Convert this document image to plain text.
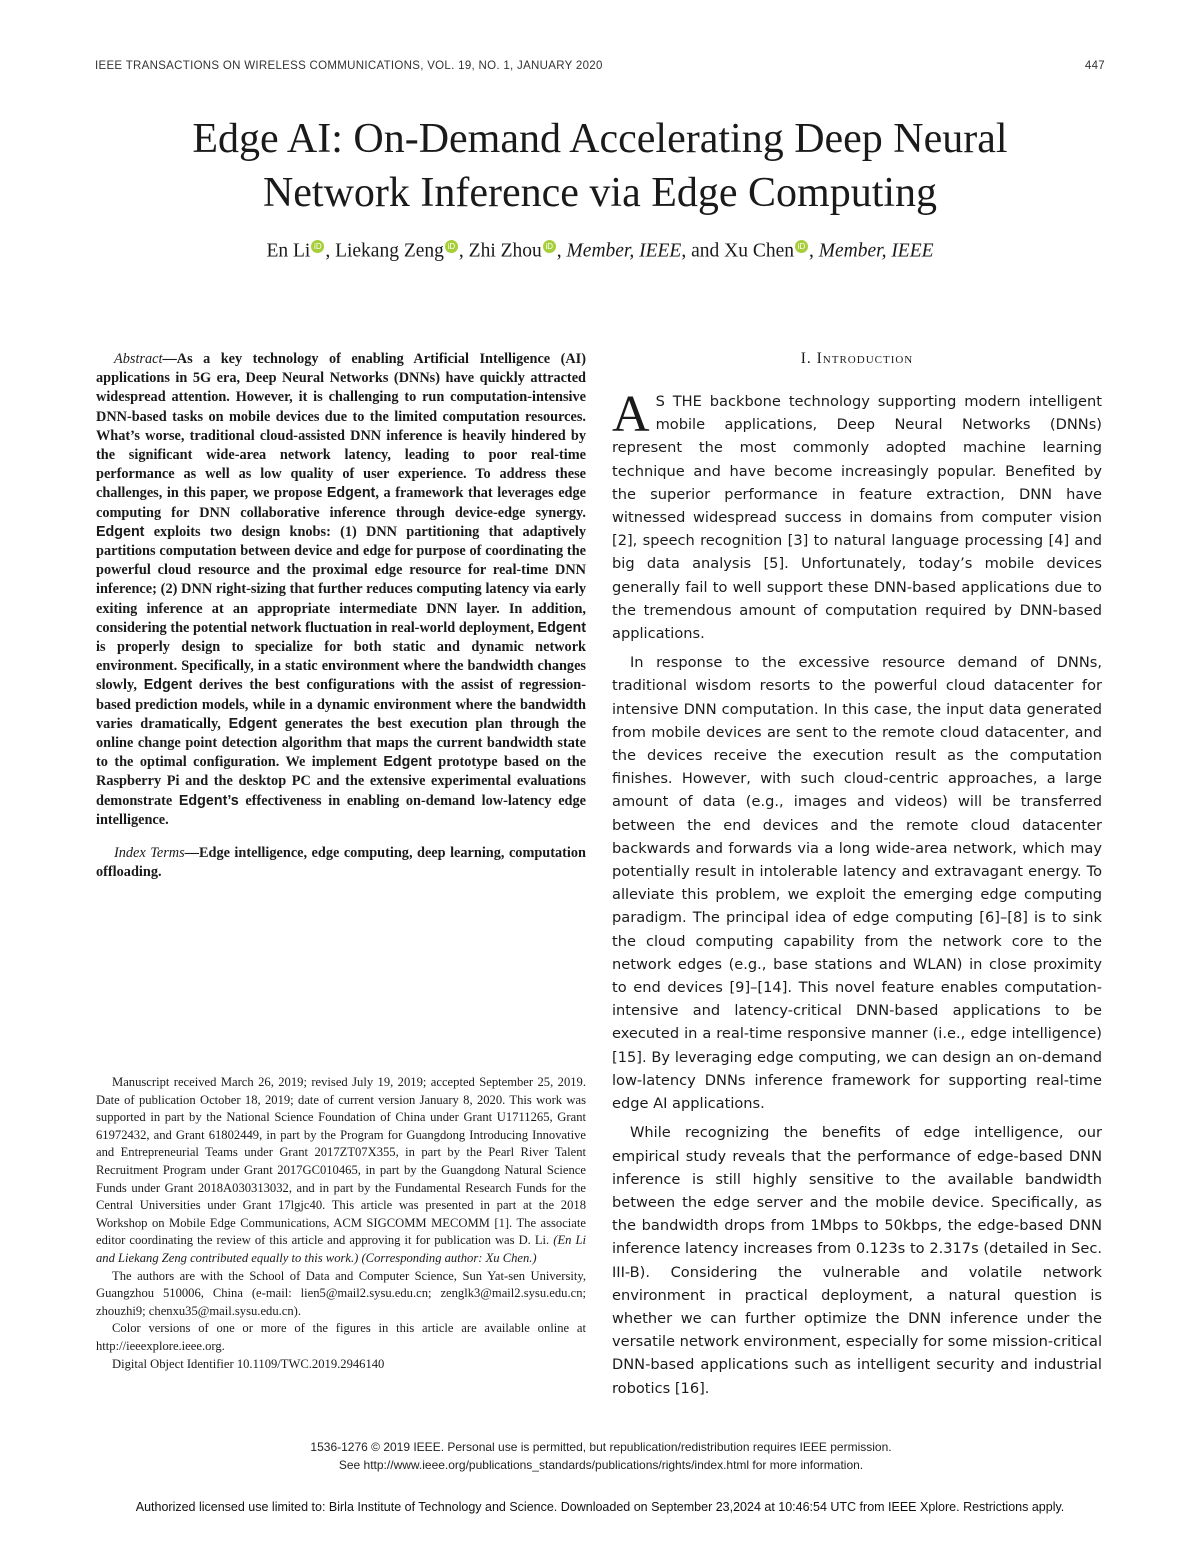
IEEE TRANSACTIONS ON WIRELESS COMMUNICATIONS, VOL. 19, NO. 1, JANUARY 2020	447
Edge AI: On-Demand Accelerating Deep Neural
Network Inference via Edge Computing
En Li iD , Liekang Zeng iD , Zhi Zhou iD , Member, IEEE, and Xu Chen iD , Member, IEEE

Abstract—As a key technology of enabling Artificial Intelligence (AI) applications in 5G era, Deep Neural Networks (DNNs) have quickly attracted widespread attention. However, it is challenging to run computation-intensive DNN-based tasks on mobile devices due to the limited computation resources. What’s worse, traditional cloud-assisted DNN inference is heavily hindered by the significant wide-area network latency, leading to poor real-time performance as well as low quality of user experience. To address these challenges, in this paper, we propose Edgent, a framework that leverages edge computing for DNN collaborative inference through device-edge synergy. Edgent exploits two design knobs: (1) DNN partitioning that adaptively partitions computation between device and edge for purpose of coordinating the powerful cloud resource and the proximal edge resource for real-time DNN inference; (2) DNN right-sizing that further reduces computing latency via early exiting inference at an appropriate intermediate DNN layer. In addition, considering the potential network fluctuation in real-world deployment, Edgent is properly design to specialize for both static and dynamic network environment. Specifically, in a static environment where the bandwidth changes slowly, Edgent derives the best configurations with the assist of regression-based prediction models, while in a dynamic environment where the bandwidth varies dramatically, Edgent generates the best execution plan through the online change point detection algorithm that maps the current bandwidth state to the optimal configuration. We implement Edgent prototype based on the Raspberry Pi and the desktop PC and the extensive experimental evaluations demonstrate Edgent’s effectiveness in enabling on-demand low-latency edge intelligence.

Index Terms—Edge intelligence, edge computing, deep learning, computation offloading.

Manuscript received March 26, 2019; revised July 19, 2019; accepted September 25, 2019. Date of publication October 18, 2019; date of current version January 8, 2020. This work was supported in part by the National Science Foundation of China under Grant U1711265, Grant 61972432, and Grant 61802449, in part by the Program for Guangdong Introducing Innovative and Entrepreneurial Teams under Grant 2017ZT07X355, in part by the Pearl River Talent Recruitment Program under Grant 2017GC010465, in part by the Guangdong Natural Science Funds under Grant 2018A030313032, and in part by the Fundamental Research Funds for the Central Universities under Grant 17lgjc40. This article was presented in part at the 2018 Workshop on Mobile Edge Communications, ACM SIGCOMM MECOMM [1]. The associate editor coordinating the review of this article and approving it for publication was D. Li. (En Li and Liekang Zeng contributed equally to this work.) (Corresponding author: Xu Chen.)

The authors are with the School of Data and Computer Science, Sun Yat-sen University, Guangzhou 510006, China (e-mail: lien5@mail2.sysu.edu.cn; zenglk3@mail2.sysu.edu.cn; zhouzhi9; chenxu35@mail.sysu.edu.cn).

Color versions of one or more of the figures in this article are available online at http://ieeexplore.ieee.org.

Digital Object Identifier 10.1109/TWC.2019.2946140

I. Introduction

A S THE backbone technology supporting modern intelligent mobile applications, Deep Neural Networks (DNNs) represent the most commonly adopted machine learning technique and have become increasingly popular. Benefited by the superior performance in feature extraction, DNN have witnessed widespread success in domains from computer vision [2], speech recognition [3] to natural language processing [4] and big data analysis [5]. Unfortunately, today’s mobile devices generally fail to well support these DNN-based applications due to the tremendous amount of computation required by DNN-based applications.

In response to the excessive resource demand of DNNs, traditional wisdom resorts to the powerful cloud datacenter for intensive DNN computation. In this case, the input data generated from mobile devices are sent to the remote cloud datacenter, and the devices receive the execution result as the computation finishes. However, with such cloud-centric approaches, a large amount of data (e.g., images and videos) will be transferred between the end devices and the remote cloud datacenter backwards and forwards via a long wide-area network, which may potentially result in intolerable latency and extravagant energy. To alleviate this problem, we exploit the emerging edge computing paradigm. The principal idea of edge computing [6]–[8] is to sink the cloud computing capability from the network core to the network edges (e.g., base stations and WLAN) in close proximity to end devices [9]–[14]. This novel feature enables computation-intensive and latency-critical DNN-based applications to be executed in a real-time responsive manner (i.e., edge intelligence) [15]. By leveraging edge computing, we can design an on-demand low-latency DNNs inference framework for supporting real-time edge AI applications.

While recognizing the benefits of edge intelligence, our empirical study reveals that the performance of edge-based DNN inference is still highly sensitive to the available bandwidth between the edge server and the mobile device. Specifically, as the bandwidth drops from 1Mbps to 50kbps, the edge-based DNN inference latency increases from 0.123s to 2.317s (detailed in Sec. III-B). Considering the vulnerable and volatile network environment in practical deployment, a natural question is whether we can further optimize the DNN inference under the versatile network environment, especially for some mission-critical DNN-based applications such as intelligent security and industrial robotics [16].

1536-1276 © 2019 IEEE. Personal use is permitted, but republication/redistribution requires IEEE permission.
See http://www.ieee.org/publications_standards/publications/rights/index.html for more information.
Authorized licensed use limited to: Birla Institute of Technology and Science. Downloaded on September 23,2024 at 10:46:54 UTC from IEEE Xplore. Restrictions apply.
